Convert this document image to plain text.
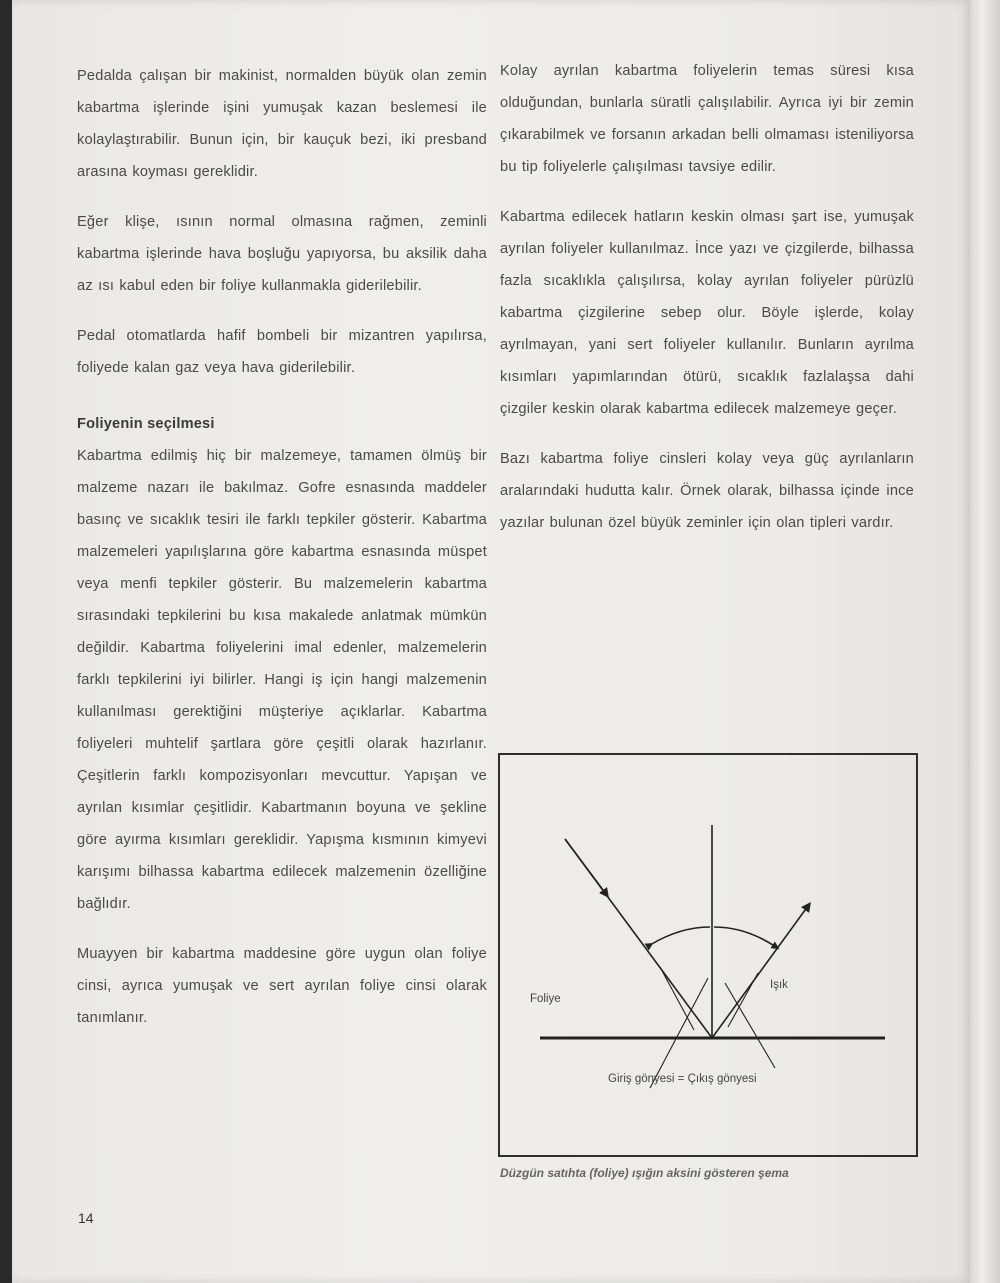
Pedalda çalışan bir makinist, normalden büyük olan zemin kabartma işlerinde işini yumuşak kazan beslemesi ile kolaylaştırabilir. Bunun için, bir kauçuk bezi, iki presband arasına koyması gereklidir.

Eğer klişe, ısının normal olmasına rağmen, zeminli kabartma işlerinde hava boşluğu yapıyorsa, bu aksilik daha az ısı kabul eden bir foliye kullanmakla giderilebilir.

Pedal otomatlarda hafif bombeli bir mizantren yapılırsa, foliyede kalan gaz veya hava giderilebilir.

Foliyenin seçilmesi

Kabartma edilmiş hiç bir malzemeye, tamamen ölmüş bir malzeme nazarı ile bakılmaz. Gofre esnasında maddeler basınç ve sıcaklık tesiri ile farklı tepkiler gösterir. Kabartma malzemeleri yapılışlarına göre kabartma esnasında müspet veya menfi tepkiler gösterir. Bu malzemelerin kabartma sırasındaki tepkilerini bu kısa makalede anlatmak mümkün değildir. Kabartma foliyelerini imal edenler, malzemelerin farklı tepkilerini iyi bilirler. Hangi iş için hangi malzemenin kullanılması gerektiğini müşteriye açıklarlar. Kabartma foliyeleri muhtelif şartlara göre çeşitli olarak hazırlanır. Çeşitlerin farklı kompozisyonları mevcuttur. Yapışan ve ayrılan kısımlar çeşitlidir. Kabartmanın boyuna ve şekline göre ayırma kısımları gereklidir. Yapışma kısmının kimyevi karışımı bilhassa kabartma edilecek malzemenin özelliğine bağlıdır.

Muayyen bir kabartma maddesine göre uygun olan foliye cinsi, ayrıca yumuşak ve sert ayrılan foliye cinsi olarak tanımlanır.

Kolay ayrılan kabartma foliyelerin temas süresi kısa olduğundan, bunlarla süratli çalışılabilir. Ayrıca iyi bir zemin çıkarabilmek ve forsanın arkadan belli olmaması isteniliyorsa bu tip foliyelerle çalışılması tavsiye edilir.

Kabartma edilecek hatların keskin olması şart ise, yumuşak ayrılan foliyeler kullanılmaz. İnce yazı ve çizgilerde, bilhassa fazla sıcaklıkla çalışılırsa, kolay ayrılan foliyeler pürüzlü kabartma çizgilerine sebep olur. Böyle işlerde, kolay ayrılmayan, yani sert foliyeler kullanılır. Bunların ayrılma kısımları yapımlarından ötürü, sıcaklık fazlalaşsa dahi çizgiler keskin olarak kabartma edilecek malzemeye geçer.

Bazı kabartma foliye cinsleri kolay veya güç ayrılanların aralarındaki hudutta kalır. Örnek olarak, bilhassa içinde ince yazılar bulunan özel büyük zeminler için olan tipleri vardır.

14
Foliye
Işık
Giriş gönyesi = Çıkış gönyesi
Düzgün satıhta (foliye) ışığın aksini gösteren şema
